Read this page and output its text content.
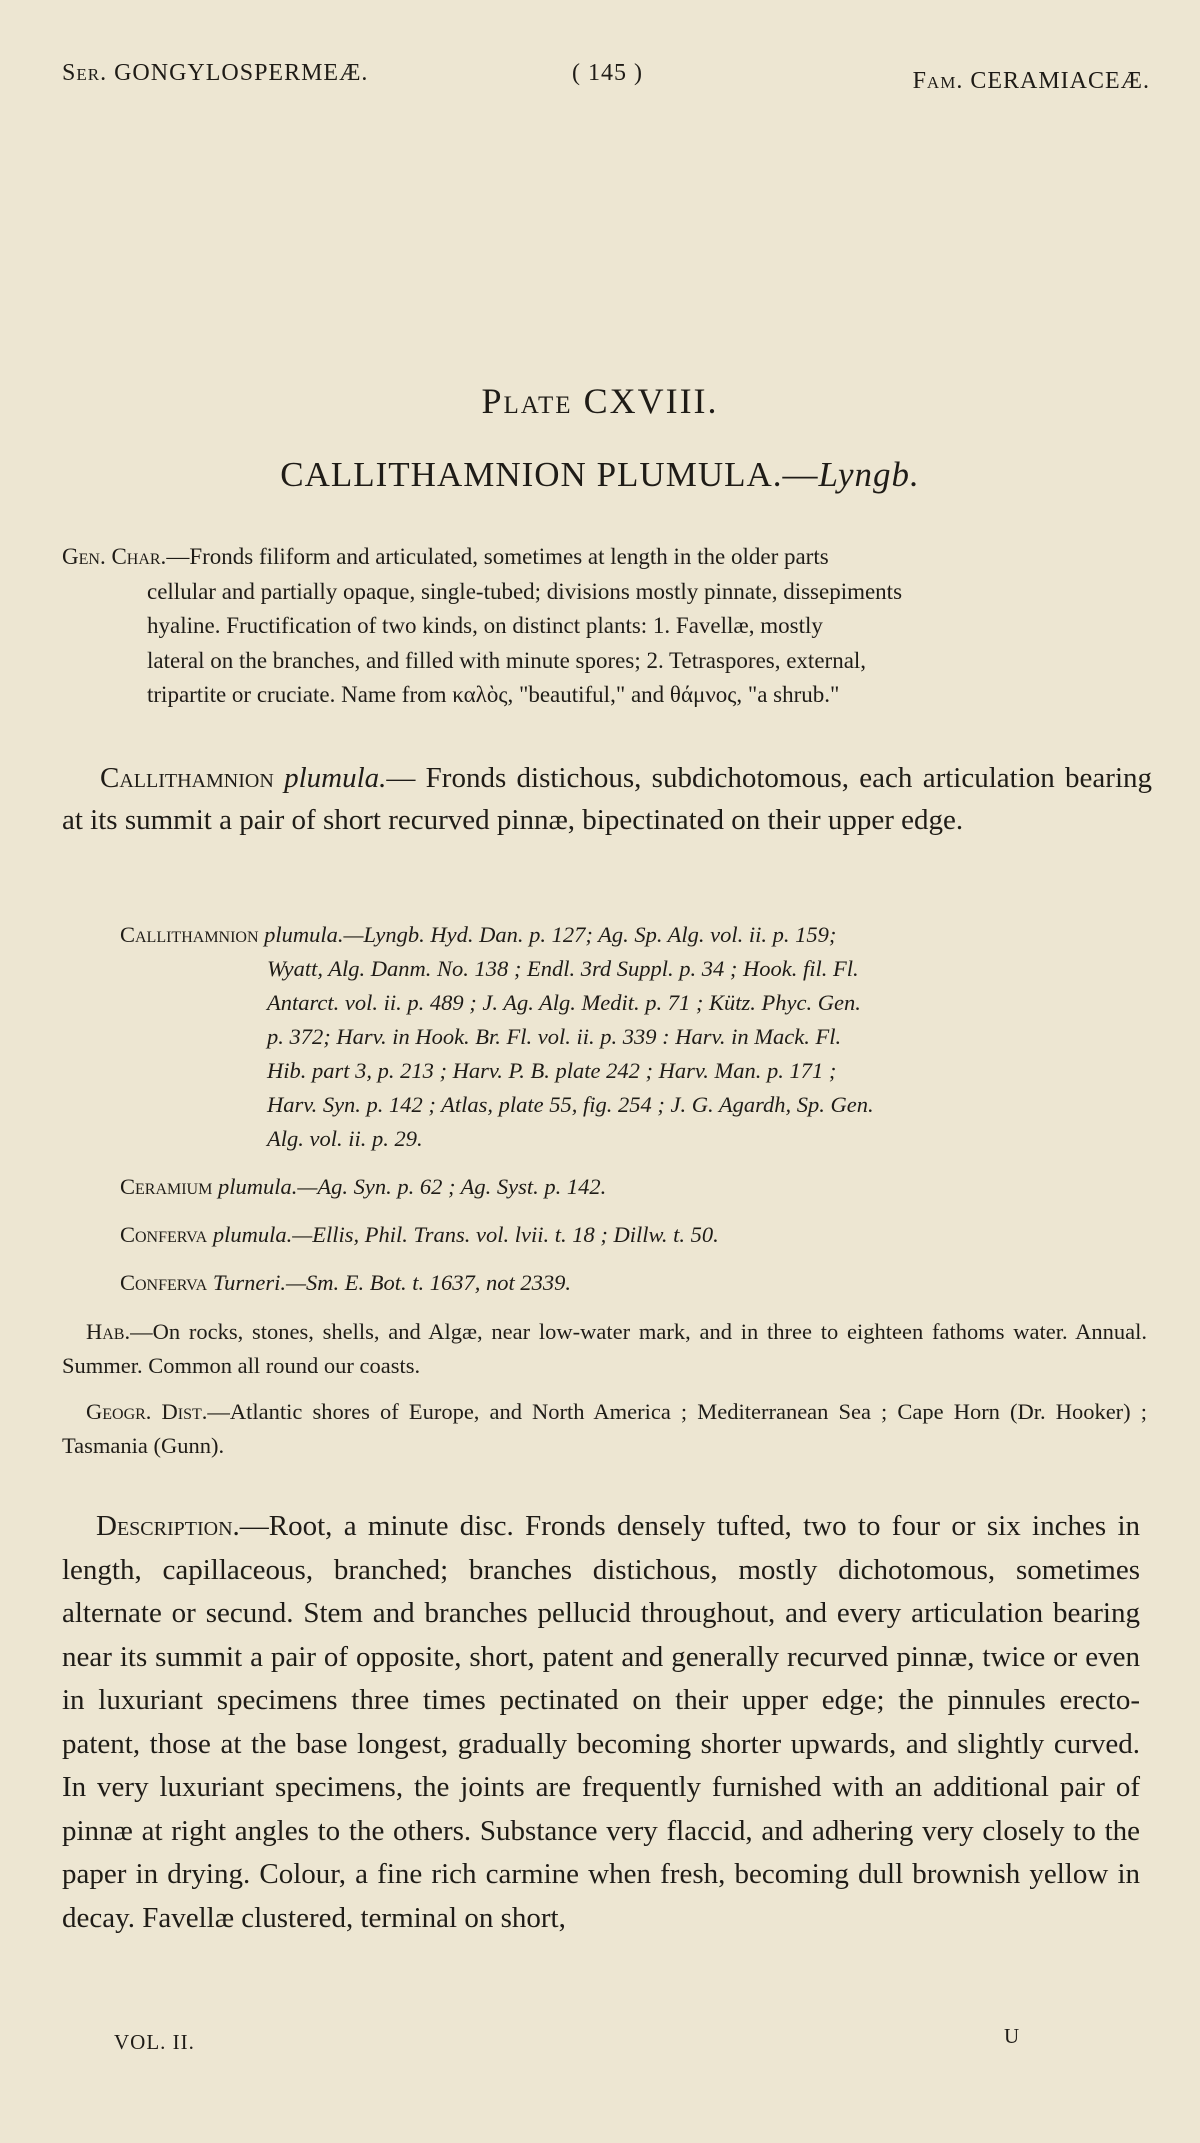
Ser. GONGYLOSPERMEÆ.	( 145 )	Fam. CERAMIACEÆ.
Plate CXVIII.
CALLITHAMNION PLUMULA.—Lyngb.
Gen. Char.—Fronds filiform and articulated, sometimes at length in the older parts
cellular and partially opaque, single-tubed; divisions mostly pinnate, dissepiments
hyaline. Fructification of two kinds, on distinct plants: 1. Favellæ, mostly
lateral on the branches, and filled with minute spores; 2. Tetraspores, external,
tripartite or cruciate. Name from καλὸς, "beautiful," and θάμνος, "a shrub."

Callithamnion plumula.— Fronds distichous, subdichotomous, each articulation bearing at its summit a pair of short recurved pinnæ, bipectinated on their upper edge.

Callithamnion plumula.—Lyngb. Hyd. Dan. p. 127; Ag. Sp. Alg. vol. ii. p. 159;
Wyatt, Alg. Danm. No. 138 ; Endl. 3rd Suppl. p. 34 ; Hook. fil. Fl.
Antarct. vol. ii. p. 489 ; J. Ag. Alg. Medit. p. 71 ; Kütz. Phyc. Gen.
p. 372; Harv. in Hook. Br. Fl. vol. ii. p. 339 : Harv. in Mack. Fl.
Hib. part 3, p. 213 ; Harv. P. B. plate 242 ; Harv. Man. p. 171 ;
Harv. Syn. p. 142 ; Atlas, plate 55, fig. 254 ; J. G. Agardh, Sp. Gen.
Alg. vol. ii. p. 29.
Ceramium plumula.—Ag. Syn. p. 62 ; Ag. Syst. p. 142.
Conferva plumula.—Ellis, Phil. Trans. vol. lvii. t. 18 ; Dillw. t. 50.
Conferva Turneri.—Sm. E. Bot. t. 1637, not 2339.

Hab.—On rocks, stones, shells, and Algæ, near low-water mark, and in three to eighteen fathoms water. Annual. Summer. Common all round our coasts.

Geogr. Dist.—Atlantic shores of Europe, and North America ; Mediterranean Sea ; Cape Horn (Dr. Hooker) ; Tasmania (Gunn).

Description.—Root, a minute disc. Fronds densely tufted, two to four or six inches in length, capillaceous, branched; branches distichous, mostly dichotomous, sometimes alternate or secund. Stem and branches pellucid throughout, and every articulation bearing near its summit a pair of opposite, short, patent and generally recurved pinnæ, twice or even in luxuriant specimens three times pectinated on their upper edge; the pinnules erecto-patent, those at the base longest, gradually becoming shorter upwards, and slightly curved. In very luxuriant specimens, the joints are frequently furnished with an additional pair of pinnæ at right angles to the others. Substance very flaccid, and adhering very closely to the paper in drying. Colour, a fine rich carmine when fresh, becoming dull brownish yellow in decay. Favellæ clustered, terminal on short,

VOL. II.	U
